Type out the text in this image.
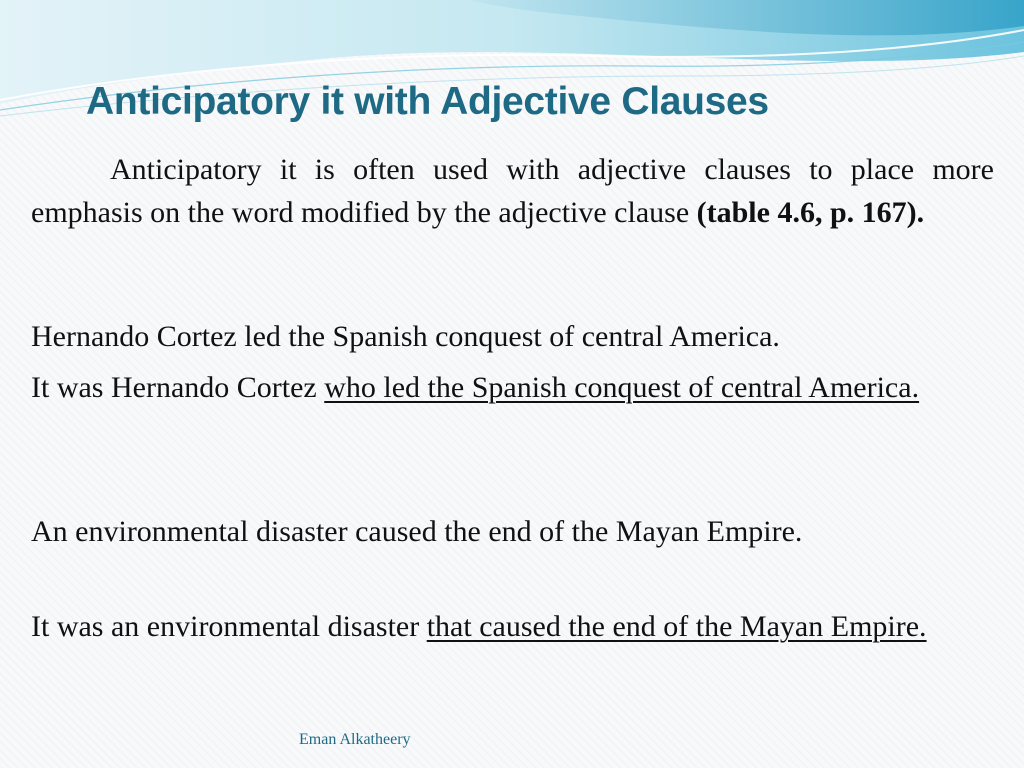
Anticipatory it with Adjective Clauses

Anticipatory it is often used with adjective clauses to place more emphasis on the word modified by the adjective clause (table 4.6, p. 167).

Hernando Cortez led the Spanish conquest of central America.

It was Hernando Cortez who led the Spanish conquest of central America.

An environmental disaster caused the end of the Mayan Empire.

It was an environmental disaster that caused the end of the Mayan Empire.

Eman Alkatheery
